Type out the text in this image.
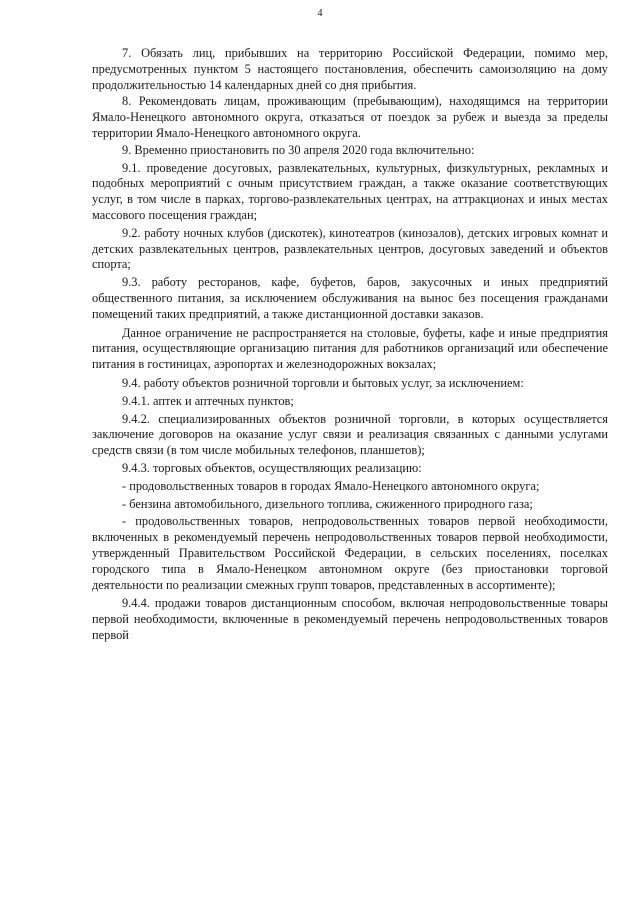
4

7. Обязать лиц, прибывших на территорию Российской Федерации, помимо мер, предусмотренных пунктом 5 настоящего постановления, обеспечить самоизоляцию на дому продолжительностью 14 календарных дней со дня прибытия.

8. Рекомендовать лицам, проживающим (пребывающим), находящимся на территории Ямало-Ненецкого автономного округа, отказаться от поездок за рубеж и выезда за пределы территории Ямало-Ненецкого автономного округа.

9. Временно приостановить по 30 апреля 2020 года включительно:

9.1. проведение досуговых, развлекательных, культурных, физкультурных, рекламных и подобных мероприятий с очным присутствием граждан, а также оказание соответствующих услуг, в том числе в парках, торгово-развлекательных центрах, на аттракционах и иных местах массового посещения граждан;

9.2. работу ночных клубов (дискотек), кинотеатров (кинозалов), детских игровых комнат и детских развлекательных центров, развлекательных центров, досуговых заведений и объектов спорта;

9.3. работу ресторанов, кафе, буфетов, баров, закусочных и иных предприятий общественного питания, за исключением обслуживания на вынос без посещения гражданами помещений таких предприятий, а также дистанционной доставки заказов.

Данное ограничение не распространяется на столовые, буфеты, кафе и иные предприятия питания, осуществляющие организацию питания для работников организаций или обеспечение питания в гостиницах, аэропортах и железнодорожных вокзалах;

9.4. работу объектов розничной торговли и бытовых услуг, за исключением:

9.4.1. аптек и аптечных пунктов;

9.4.2. специализированных объектов розничной торговли, в которых осуществляется заключение договоров на оказание услуг связи и реализация связанных с данными услугами средств связи (в том числе мобильных телефонов, планшетов);

9.4.3. торговых объектов, осуществляющих реализацию:

- продовольственных товаров в городах Ямало-Ненецкого автономного округа;

- бензина автомобильного, дизельного топлива, сжиженного природного газа;

- продовольственных товаров, непродовольственных товаров первой необходимости, включенных в рекомендуемый перечень непродовольственных товаров первой необходимости, утвержденный Правительством Российской Федерации, в сельских поселениях, поселках городского типа в Ямало-Ненецком автономном округе (без приостановки торговой деятельности по реализации смежных групп товаров, представленных в ассортименте);

9.4.4. продажи товаров дистанционным способом, включая непродовольственные товары первой необходимости, включенные в рекомендуемый перечень непродовольственных товаров первой
